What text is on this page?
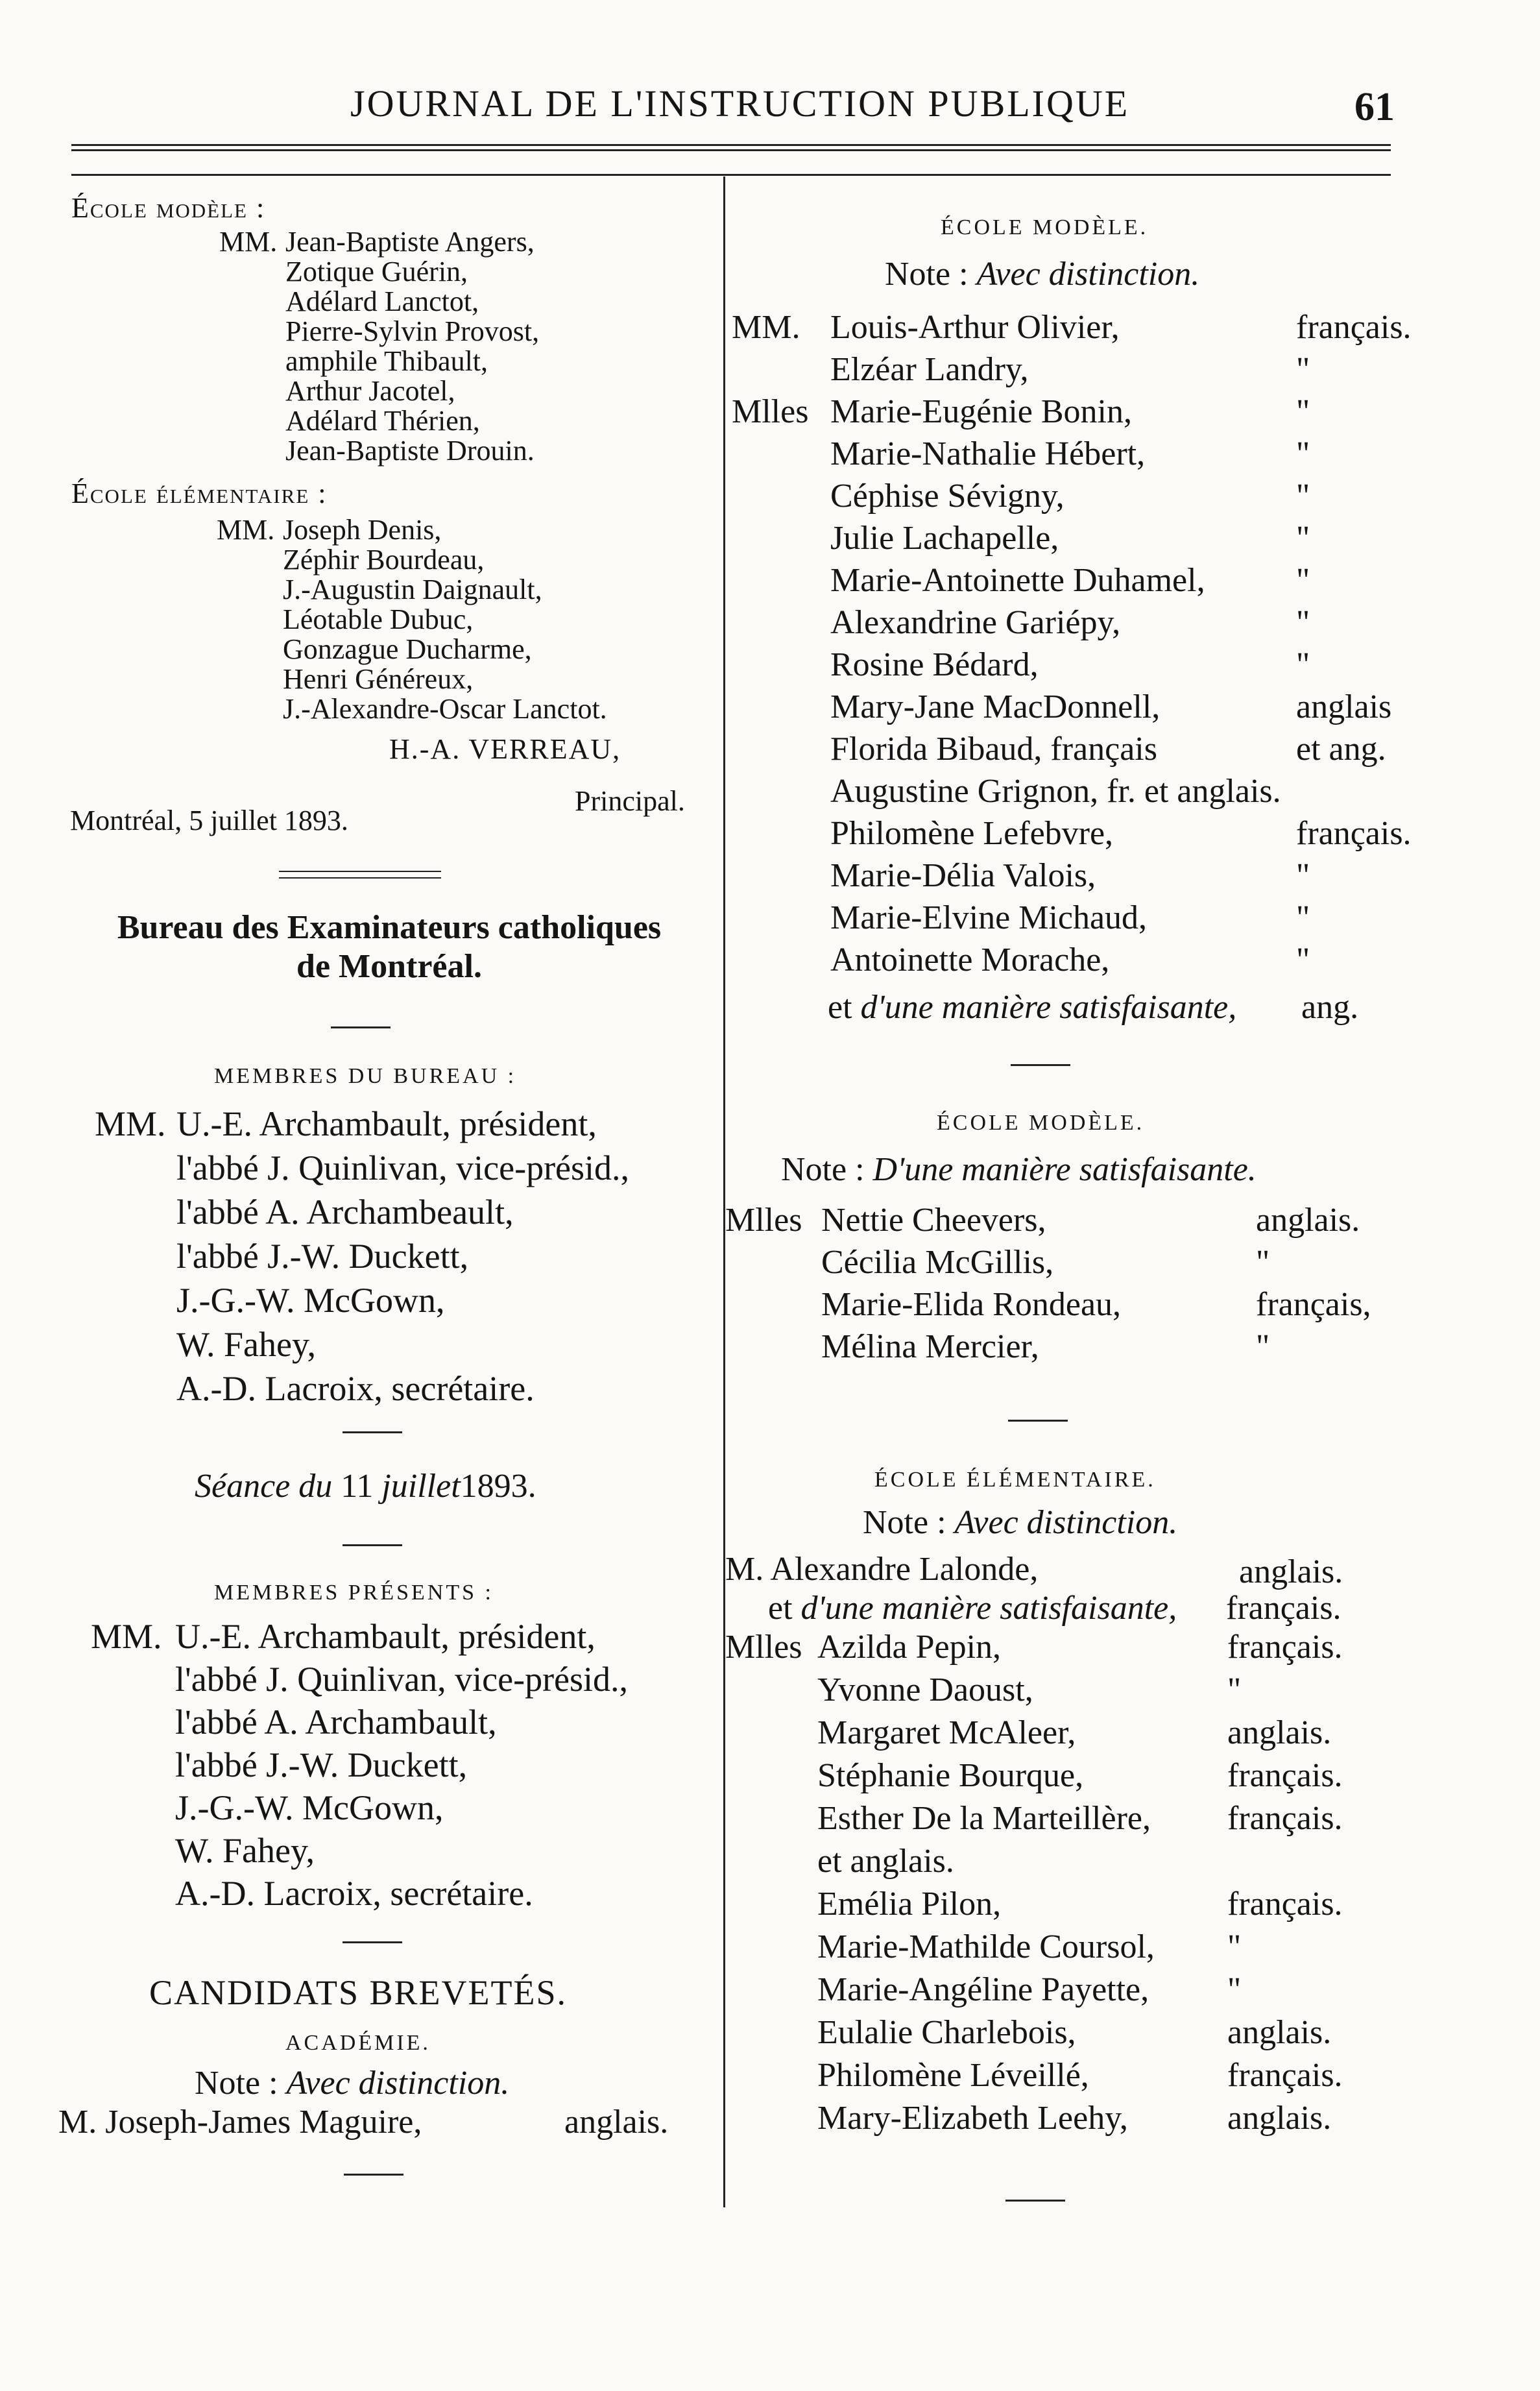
JOURNAL DE L'INSTRUCTION PUBLIQUE	61
École modèle :
MM.
École élémentaire :
MM.
H.-A. VERREAU,
Principal.
Montréal, 5 juillet 1893.
Bureau des Examinateurs catholiques
de Montréal.
MEMBRES DU BUREAU :
MM.
Séance du 11 juillet1893.
MEMBRES PRÉSENTS :
MM.
CANDIDATS BREVETÉS.
ACADÉMIE.
Note : Avec distinction.
M. Joseph-James Maguire,	anglais.
Jean-Baptiste Angers,
Zotique Guérin,
Adélard Lanctot,
Pierre-Sylvin Provost,
amphile Thibault,
Arthur Jacotel,
Adélard Thérien,
Jean-Baptiste Drouin.
Joseph Denis,
Zéphir Bourdeau,
J.-Augustin Daignault,
Léotable Dubuc,
Gonzague Ducharme,
Henri Généreux,
J.-Alexandre-Oscar Lanctot.
U.-E. Archambault, président,
l'abbé J. Quinlivan, vice-présid.,
l'abbé A. Archambeault,
l'abbé J.-W. Duckett,
J.-G.-W. McGown,
W. Fahey,
A.-D. Lacroix, secrétaire.
U.-E. Archambault, président,
l'abbé J. Quinlivan, vice-présid.,
l'abbé A. Archambault,
l'abbé J.-W. Duckett,
J.-G.-W. McGown,
W. Fahey,
A.-D. Lacroix, secrétaire.
ÉCOLE MODÈLE.
Note : Avec distinction.
et d'une manière satisfaisante, ang.
ÉCOLE MODÈLE.
Note : D'une manière satisfaisante.
ÉCOLE ÉLÉMENTAIRE.
Note : Avec distinction.
M. Alexandre Lalonde,	anglais.
et d'une manière satisfaisante, français.
MM. Louis-Arthur Olivier,	français.
Elzéar Landry,	"
Mlles Marie-Eugénie Bonin,	"
Marie-Nathalie Hébert,	"
Céphise Sévigny,	"
Julie Lachapelle,	"
Marie-Antoinette Duhamel,	"
Alexandrine Gariépy,	"
Rosine Bédard,	"
Mary-Jane MacDonnell,	anglais
Florida Bibaud, français	et ang.
Augustine Grignon, fr. et anglais.
Philomène Lefebvre,	français.
Marie-Délia Valois,	"
Marie-Elvine Michaud,	"
Antoinette Morache,	"
Mlles Nettie Cheevers,	anglais.
Cécilia McGillis,	"
Marie-Elida Rondeau,	français,
Mélina Mercier,	"
Mlles Azilda Pepin,	français.
Yvonne Daoust,	"
Margaret McAleer,	anglais.
Stéphanie Bourque,	français.
Esther De la Marteillère, français.
et anglais.
Emélia Pilon,	français.
Marie-Mathilde Coursol, "
Marie-Angéline Payette, "
Eulalie Charlebois,	anglais.
Philomène Léveillé,	français.
Mary-Elizabeth Leehy,	anglais.
